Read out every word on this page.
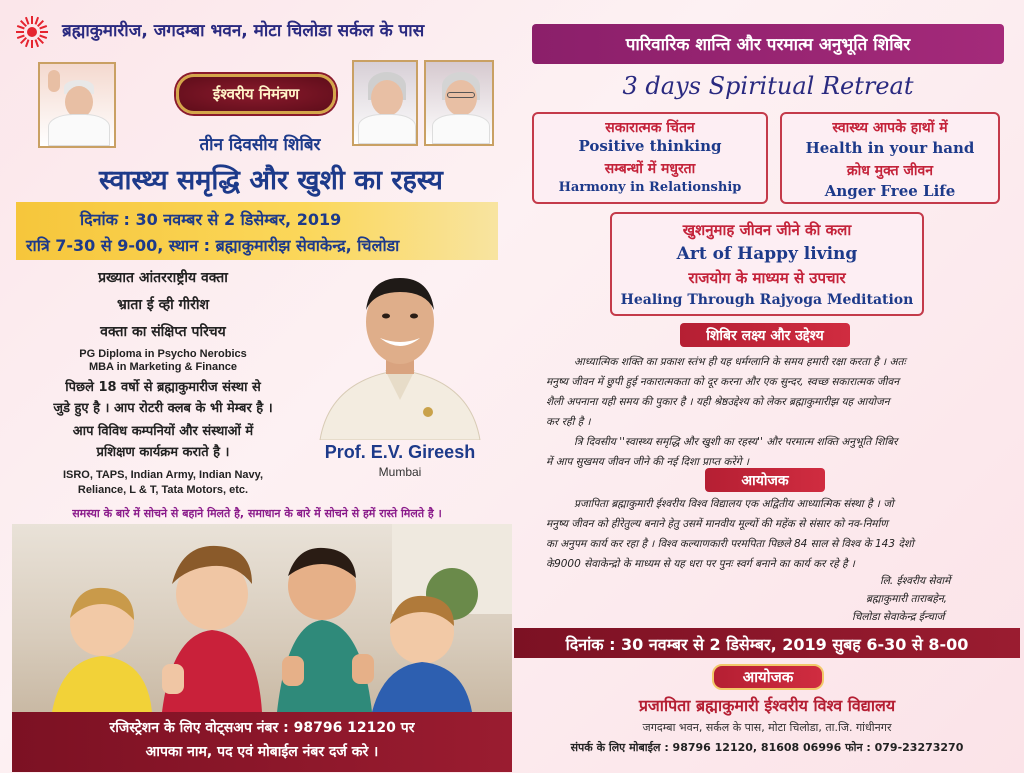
ब्रह्माकुमारीज, जगदम्बा भवन, मोटा चिलोडा सर्कल के पास
ईश्वरीय निमंत्रण
तीन दिवसीय शिबिर
स्वास्थ्य समृद्धि और खुशी का रहस्य
दिनांक : 30 नवम्बर से 2 डिसेम्बर, 2019
रात्रि 7-30 से 9-00, स्थान : ब्रह्माकुमारीझ सेवाकेन्द्र, चिलोडा
प्रख्यात आंतरराष्ट्रीय वक्ता
भ्राता ई व्ही गीरीश
वक्ता का संक्षिप्त परिचय
PG Diploma in Psycho Nerobics
MBA in Marketing & Finance
पिछले 18 वर्षो से ब्रह्माकुमारीज संस्था से
जुडे हुए है । आप रोटरी क्लब के भी मेम्बर है ।
आप विविध कम्पनियों और संस्थाओं में
प्रशिक्षण कार्यक्रम कराते है ।
ISRO, TAPS, Indian Army, Indian Navy,
Reliance, L & T, Tata Motors, etc.
Prof. E.V. Gireesh
Mumbai
समस्या के बारे में सोचने से बहाने मिलते है, समाधान के बारे में सोचने से हमें रास्ते मिलते है ।
रजिस्ट्रेशन के लिए वोट्सअप नंबर : 98796 12120 पर
आपका नाम, पद एवं मोबाईल नंबर दर्ज करे ।
पारिवारिक शान्ति और परमात्म अनुभूति शिबिर
3 days Spiritual Retreat
सकारात्मक चिंतन
Positive thinking
सम्बन्धों में मधुरता
Harmony in Relationship
स्वास्थ्य आपके हाथों में
Health in your hand
क्रोध मुक्त जीवन
Anger Free Life
खुशनुमाह जीवन जीने की कला
Art of Happy living
राजयोग के माध्यम से उपचार
Healing Through Rajyoga Meditation
शिबिर लक्ष्य और उद्देश्य
आध्यात्मिक शक्ति का प्रकाश स्तंभ ही यह धर्मग्लानि के समय हमारी रक्षा करता है । अतः
मनुष्य जीवन में छुपी हुई नकारात्मकता को दूर करना और एक सुन्दर, स्वच्छ सकारात्मक जीवन
शैली अपनाना यही समय की पुकार है । यही श्रेष्ठउद्देश्य को लेकर ब्रह्माकुमारीझ यह आयोजन
कर रही है ।
त्रि दिवसीय ''स्वास्थ्य समृद्धि और खुशी का रहस्य'' और परमात्म शक्ति अनुभूति शिबिर
में आप सुखमय जीवन जीने की नई दिशा प्राप्त करेंगे ।
आयोजक
प्रजापिता ब्रह्माकुमारी ईश्वरीय विश्व विद्यालय एक अद्वितीय आध्यात्मिक संस्था है । जो
मनुष्य जीवन को हीरेतुल्य बनाने हेतु उसमें मानवीय मूल्यों की महेंक से संसार को नव-निर्माण
का अनुपम कार्य कर रहा है । विश्व कल्याणकारी परमपिता पिछले 84 साल से विश्व के 143 देशो
के9000 सेवाकेन्द्रो के माध्यम से यह धरा पर पुनः स्वर्ग बनाने का कार्य कर रहे है ।
लि. ईश्वरीय सेवामें
ब्रह्माकुमारी ताराबहेन,
चिलोडा सेवाकेन्द्र ईन्चार्ज
दिनांक : 30 नवम्बर से 2 डिसेम्बर, 2019 सुबह 6-30 से 8-00
आयोजक
प्रजापिता ब्रह्माकुमारी ईश्वरीय विश्व विद्यालय
जगदम्बा भवन, सर्कल के पास, मोटा चिलोडा, ता.जि. गांधीनगर
संपर्क के लिए मोबाईल : 98796 12120, 81608 06996 फोन : 079-23273270
